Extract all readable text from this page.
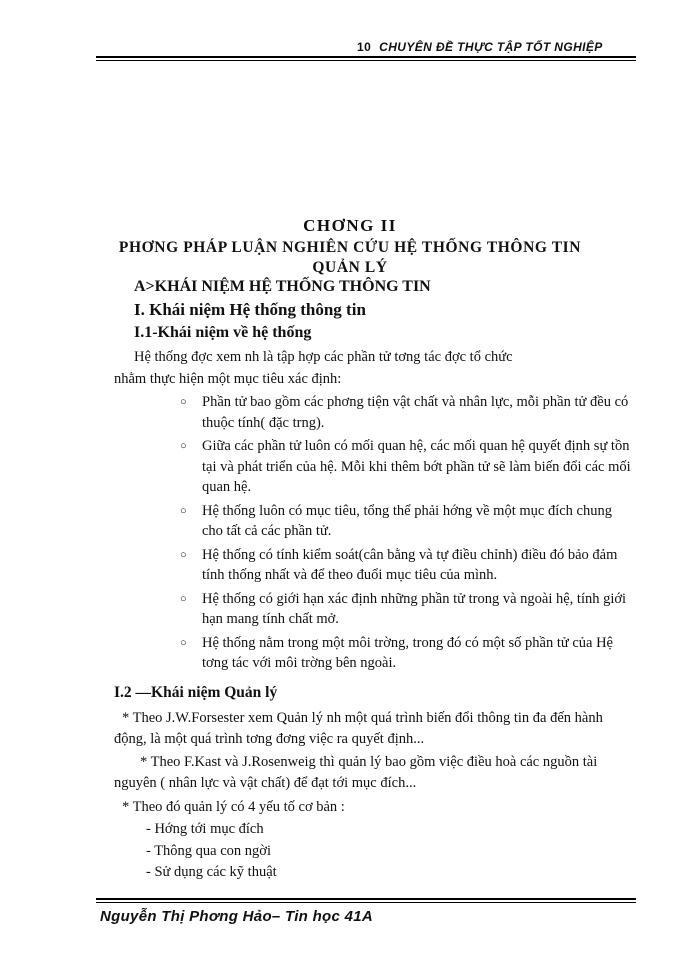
10 CHUYÊN ĐỀ THỰC TẬP TỐT NGHIỆP
CHƠNG II
PHƠNG PHÁP LUẬN NGHIÊN CỨU HỆ THỐNG THÔNG TIN
QUẢN LÝ
A>KHÁI NIỆM HỆ THỐNG THÔNG TIN
I. Khái niệm Hệ thống thông tin
I.1-Khái niệm về hệ thống
Hệ thống đợc xem nh là tập hợp các phần tử tơng tác đợc tổ chức
nhằm thực hiện một mục tiêu xác định:
○ Phần tử bao gồm các phơng tiện vật chất và nhân lực, mỗi phần tử đều có thuộc tính( đặc trng).
○ Giữa các phần tử luôn có mối quan hệ, các mối quan hệ quyết định sự tồn tại và phát triển của hệ. Mỗi khi thêm bớt phần tử sẽ làm biến đổi các mối quan hệ.
○ Hệ thống luôn có mục tiêu, tổng thể phải hớng về một mục đích chung cho tất cả các phần tử.
○ Hệ thống có tính kiểm soát(cân bằng và tự điều chỉnh) điều đó bảo đảm tính thống nhất và để theo đuổi mục tiêu của mình.
○ Hệ thống có giới hạn xác định những phần tử trong và ngoài hệ, tính giới hạn mang tính chất mở.
○ Hệ thống nằm trong một môi trờng, trong đó có một số phần tử của Hệ tơng tác với môi trờng bên ngoài.
I.2 —Khái niệm Quản lý
* Theo J.W.Forsester xem Quản lý nh một quá trình biến đổi thông tin đa đến hành động, là một quá trình tơng đơng việc ra quyết định...
* Theo F.Kast và J.Rosenweig thì quản lý bao gồm việc điều hoà các nguồn tài nguyên ( nhân lực và vật chất) để đạt tới mục đích...
* Theo đó quản lý có 4 yếu tố cơ bản :
- Hớng tới mục đích
- Thông qua con ngời
- Sử dụng các kỹ thuật
Nguyễn Thị Phơng Hảo– Tin học 41A
